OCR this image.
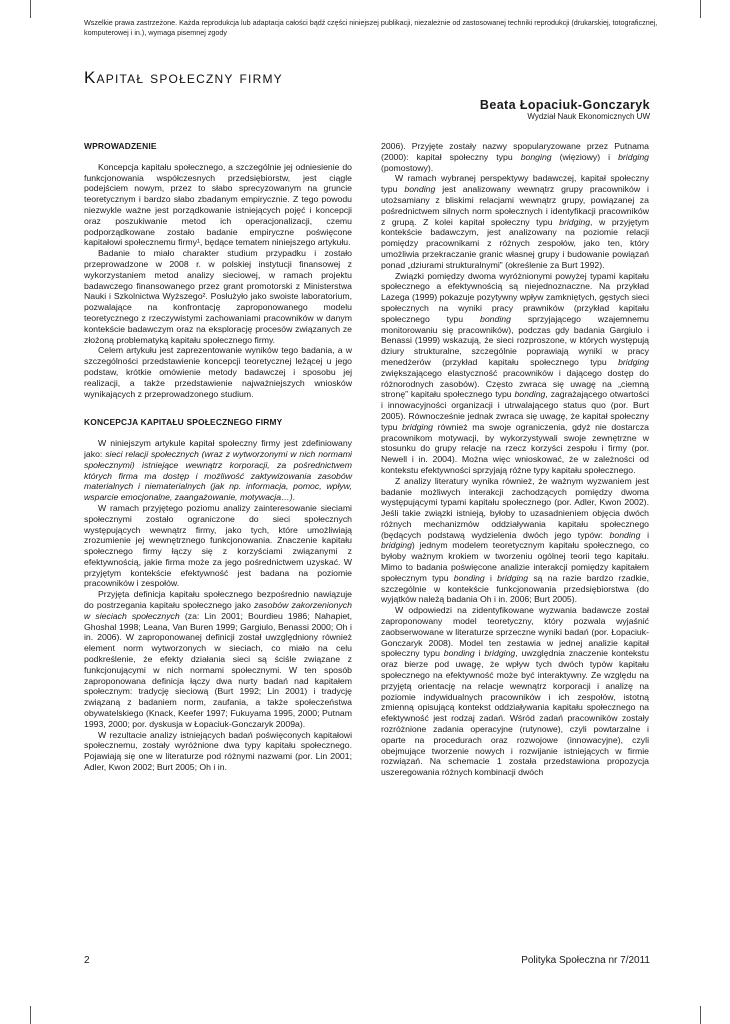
Wszelkie prawa zastrzeżone. Każda reprodukcja lub adaptacja całości bądź części niniejszej publikacji, niezależnie od zastosowanej techniki reprodukcji (drukarskiej, totograficznej, komputerowej i in.), wymaga pisemnej zgody
Kapitał społeczny firmy
Beata Łopaciuk-Gonczaryk
Wydział Nauk Ekonomicznych UW
WPROWADZENIE

Koncepcja kapitału społecznego, a szczególnie jej odniesienie do funkcjonowania współczesnych przedsiębiorstw, jest ciągle podejściem nowym, przez to słabo sprecyzowanym na gruncie teoretycznym i bardzo słabo zbadanym empirycznie. Z tego powodu niezwykle ważne jest porządkowanie istniejących pojęć i koncepcji oraz poszukiwanie metod ich operacjonalizacji, czemu podporządkowane zostało badanie empiryczne poświęcone kapitałowi społecznemu firmy¹, będące tematem niniejszego artykułu.

Badanie to miało charakter studium przypadku i zostało przeprowadzone w 2008 r. w polskiej instytucji finansowej z wykorzystaniem metod analizy sieciowej, w ramach projektu badawczego finansowanego przez grant promotorski z Ministerstwa Nauki i Szkolnictwa Wyższego². Posłużyło jako swoiste laboratorium, pozwalające na konfrontację zaproponowanego modelu teoretycznego z rzeczywistymi zachowaniami pracowników w danym kontekście badawczym oraz na eksplorację procesów związanych ze złożoną problematyką kapitału społecznego firmy.

Celem artykułu jest zaprezentowanie wyników tego badania, a w szczególności przedstawienie koncepcji teoretycznej leżącej u jego podstaw, krótkie omówienie metody badawczej i sposobu jej realizacji, a także przedstawienie najważniejszych wniosków wynikających z przeprowadzonego studium.

KONCEPCJA KAPITAŁU SPOŁECZNEGO FIRMY

W niniejszym artykule kapitał społeczny firmy jest zdefiniowany jako: sieci relacji społecznych (wraz z wytworzonymi w nich normami społecznymi) istniejące wewnątrz korporacji, za pośrednictwem których firma ma dostęp i możliwość zaktywizowania zasobów materialnych i niematerialnych (jak np. informacja, pomoc, wpływ, wsparcie emocjonalne, zaangażowanie, motywacja…).

W ramach przyjętego poziomu analizy zainteresowanie sieciami społecznymi zostało ograniczone do sieci społecznych występujących wewnątrz firmy, jako tych, które umożliwiają zrozumienie jej wewnętrznego funkcjonowania. Znaczenie kapitału społecznego firmy łączy się z korzyściami związanymi z efektywnością, jakie firma może za jego pośrednictwem uzyskać. W przyjętym kontekście efektywność jest badana na poziomie pracowników i zespołów.

Przyjęta definicja kapitału społecznego bezpośrednio nawiązuje do postrzegania kapitału społecznego jako zasobów zakorzenionych w sieciach społecznych (za: Lin 2001; Bourdieu 1986; Nahapiet, Ghoshal 1998; Leana, Van Buren 1999; Gargiulo, Benassi 2000; Oh i in. 2006). W zaproponowanej definicji został uwzględniony również element norm wytworzonych w sieciach, co miało na celu podkreślenie, że efekty działania sieci są ściśle związane z funkcjonującymi w nich normami społecznymi. W ten sposób zaproponowana definicja łączy dwa nurty badań nad kapitałem społecznym: tradycję sieciową (Burt 1992; Lin 2001) i tradycję związaną z badaniem norm, zaufania, a także społeczeństwa obywatelskiego (Knack, Keefer 1997; Fukuyama 1995, 2000; Putnam 1993, 2000; por. dyskusja w Łopaciuk-Gonczaryk 2009a).

W rezultacie analizy istniejących badań poświęconych kapitałowi społecznemu, zostały wyróżnione dwa typy kapitału społecznego. Pojawiają się one w literaturze pod różnymi nazwami (por. Lin 2001; Adler, Kwon 2002; Burt 2005; Oh i in.

2006). Przyjęte zostały nazwy spopularyzowane przez Putnama (2000): kapitał społeczny typu bonging (więziowy) i bridging (pomostowy).

W ramach wybranej perspektywy badawczej, kapitał społeczny typu bonding jest analizowany wewnątrz grupy pracowników i utożsamiany z bliskimi relacjami wewnątrz grupy, powiązanej za pośrednictwem silnych norm społecznych i identyfikacji pracowników z grupą. Z kolei kapitał społeczny typu bridging, w przyjętym kontekście badawczym, jest analizowany na poziomie relacji pomiędzy pracownikami z różnych zespołów, jako ten, który umożliwia przekraczanie granic własnej grupy i budowanie powiązań ponad „dziurami strukturalnymi” (określenie za Burt 1992).

Związki pomiędzy dwoma wyróżnionymi powyżej typami kapitału społecznego a efektywnością są niejednoznaczne. Na przykład Lazega (1999) pokazuje pozytywny wpływ zamkniętych, gęstych sieci społecznych na wyniki pracy prawników (przykład kapitału społecznego typu bonding sprzyjającego wzajemnemu monitorowaniu się pracowników), podczas gdy badania Gargiulo i Benassi (1999) wskazują, że sieci rozproszone, w których występują dziury strukturalne, szczególnie poprawiają wyniki w pracy menedżerów (przykład kapitału społecznego typu bridging zwiększającego elastyczność pracowników i dającego dostęp do różnorodnych zasobów). Często zwraca się uwagę na „ciemną stronę” kapitału społecznego typu bonding, zagrażającego otwartości i innowacyjności organizacji i utrwalającego status quo (por. Burt 2005). Równocześnie jednak zwraca się uwagę, że kapitał społeczny typu bridging również ma swoje ograniczenia, gdyż nie dostarcza pracownikom motywacji, by wykorzystywali swoje zewnętrzne w stosunku do grupy relacje na rzecz korzyści zespołu i firmy (por. Newell i in. 2004). Można więc wnioskować, że w zależności od kontekstu efektywności sprzyjają różne typy kapitału społecznego.

Z analizy literatury wynika również, że ważnym wyzwaniem jest badanie możliwych interakcji zachodzących pomiędzy dwoma występującymi typami kapitału społecznego (por. Adler, Kwon 2002). Jeśli takie związki istnieją, byłoby to uzasadnieniem objęcia dwóch różnych mechanizmów oddziaływania kapitału społecznego (będących podstawą wydzielenia dwóch jego typów: bonding i bridging) jednym modelem teoretycznym kapitału społecznego, co byłoby ważnym krokiem w tworzeniu ogólnej teorii tego kapitału. Mimo to badania poświęcone analizie interakcji pomiędzy kapitałem społecznym typu bonding i bridging są na razie bardzo rzadkie, szczególnie w kontekście funkcjonowania przedsiębiorstwa (do wyjątków należą badania Oh i in. 2006; Burt 2005).

W odpowiedzi na zidentyfikowane wyzwania badawcze został zaproponowany model teoretyczny, który pozwala wyjaśnić zaobserwowane w literaturze sprzeczne wyniki badań (por. Łopaciuk-Gonczaryk 2008). Model ten zestawia w jednej analizie kapitał społeczny typu bonding i bridging, uwzględnia znaczenie kontekstu oraz bierze pod uwagę, że wpływ tych dwóch typów kapitału społecznego na efektywność może być interaktywny. Ze względu na przyjętą orientację na relacje wewnątrz korporacji i analizę na poziomie indywidualnych pracowników i ich zespołów, istotną zmienną opisującą kontekst oddziaływania kapitału społecznego na efektywność jest rodzaj zadań. Wśród zadań pracowników zostały rozróżnione zadania operacyjne (rutynowe), czyli powtarzalne i oparte na procedurach oraz rozwojowe (innowacyjne), czyli obejmujące tworzenie nowych i rozwijanie istniejących w firmie rozwiązań. Na schemacie 1 została przedstawiona propozycja uszeregowania różnych kombinacji dwóch

2	Polityka Społeczna nr 7/2011
